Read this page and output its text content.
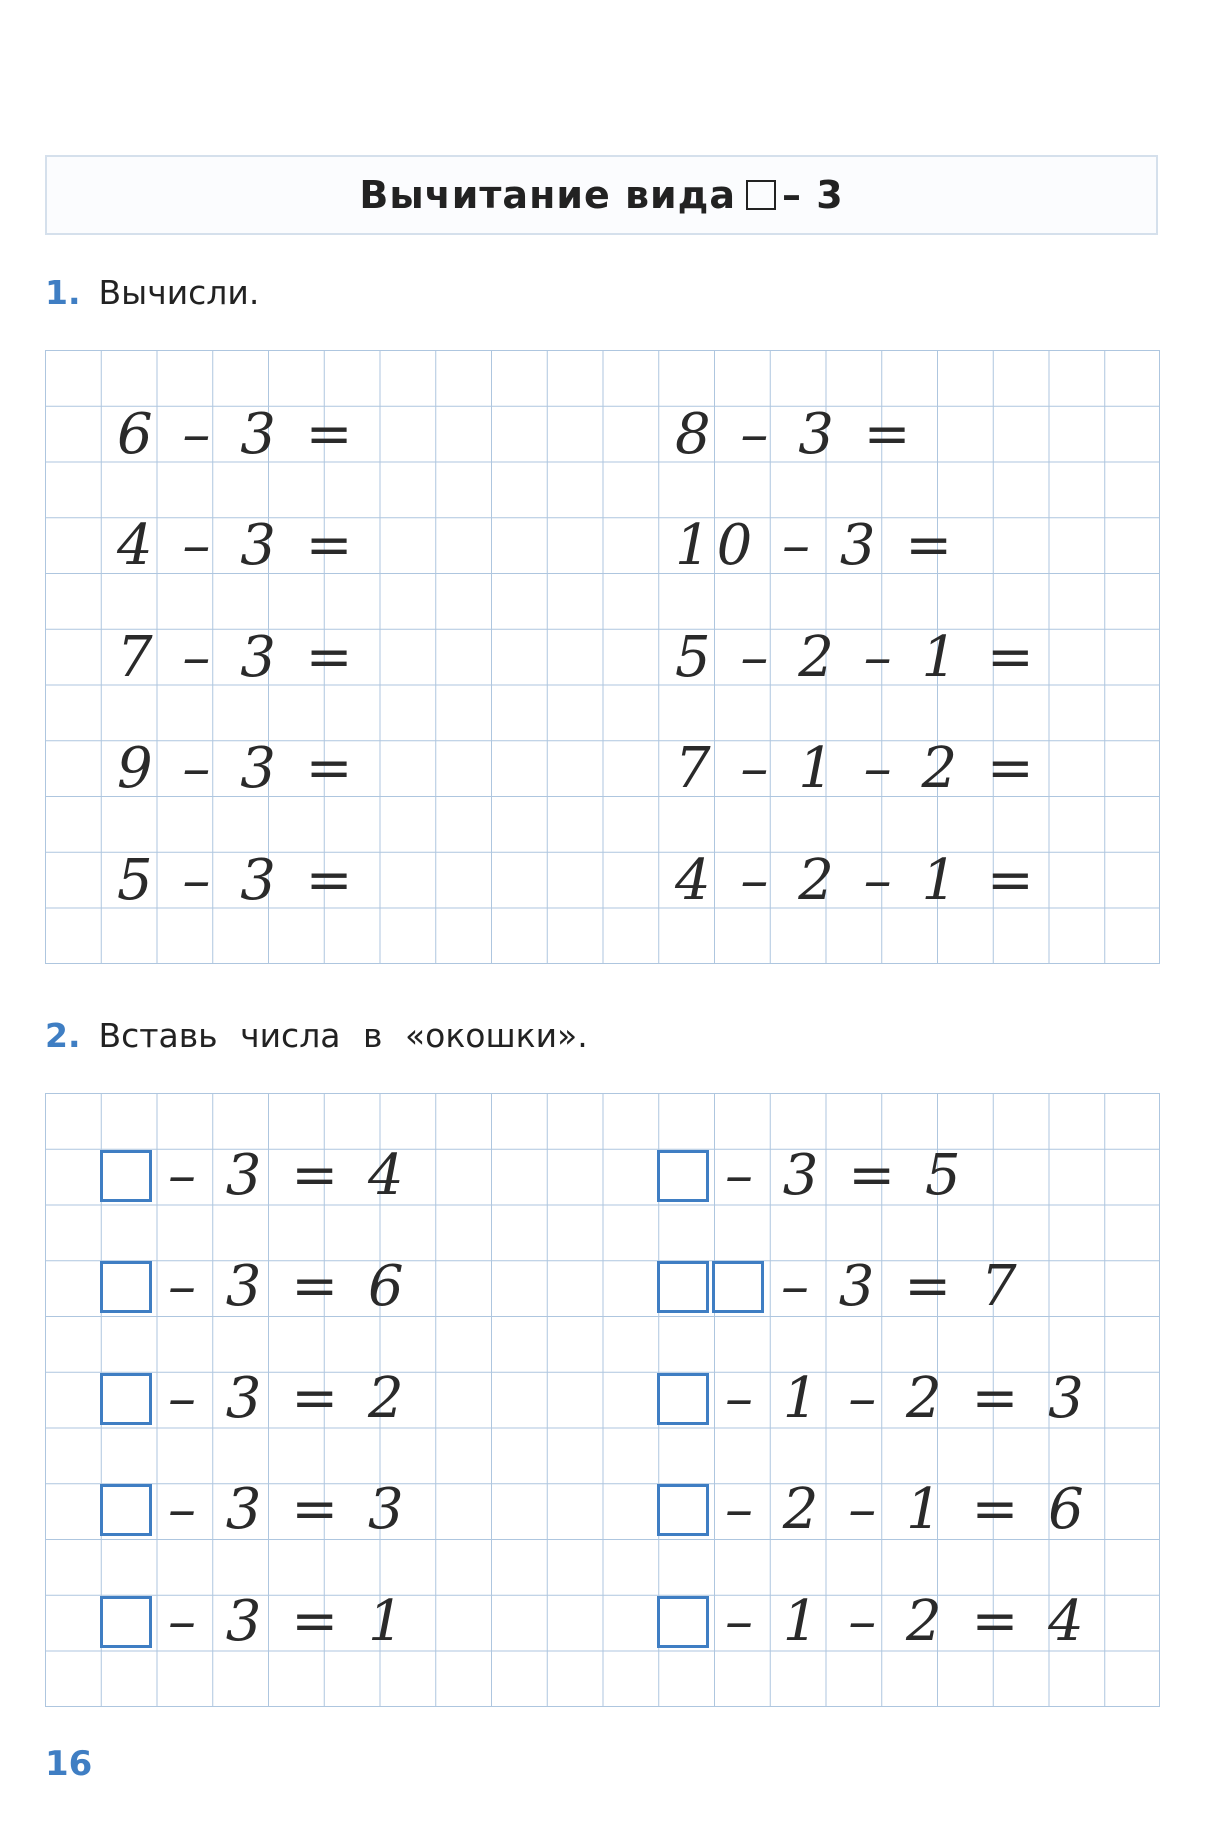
Вычитание вида – 3
1. Вычисли.
6 – 3 =
4 – 3 =
7 – 3 =
9 – 3 =
5 – 3 =
8 – 3 =
10 – 3 =
5 – 2 – 1 =
7 – 1 – 2 =
4 – 2 – 1 =
2. Вставь числа в «окошки».
– 3 = 4
– 3 = 6
– 3 = 2
– 3 = 3
– 3 = 1
– 3 = 5
– 3 = 7
– 1 – 2 = 3
– 2 – 1 = 6
– 1 – 2 = 4
16
